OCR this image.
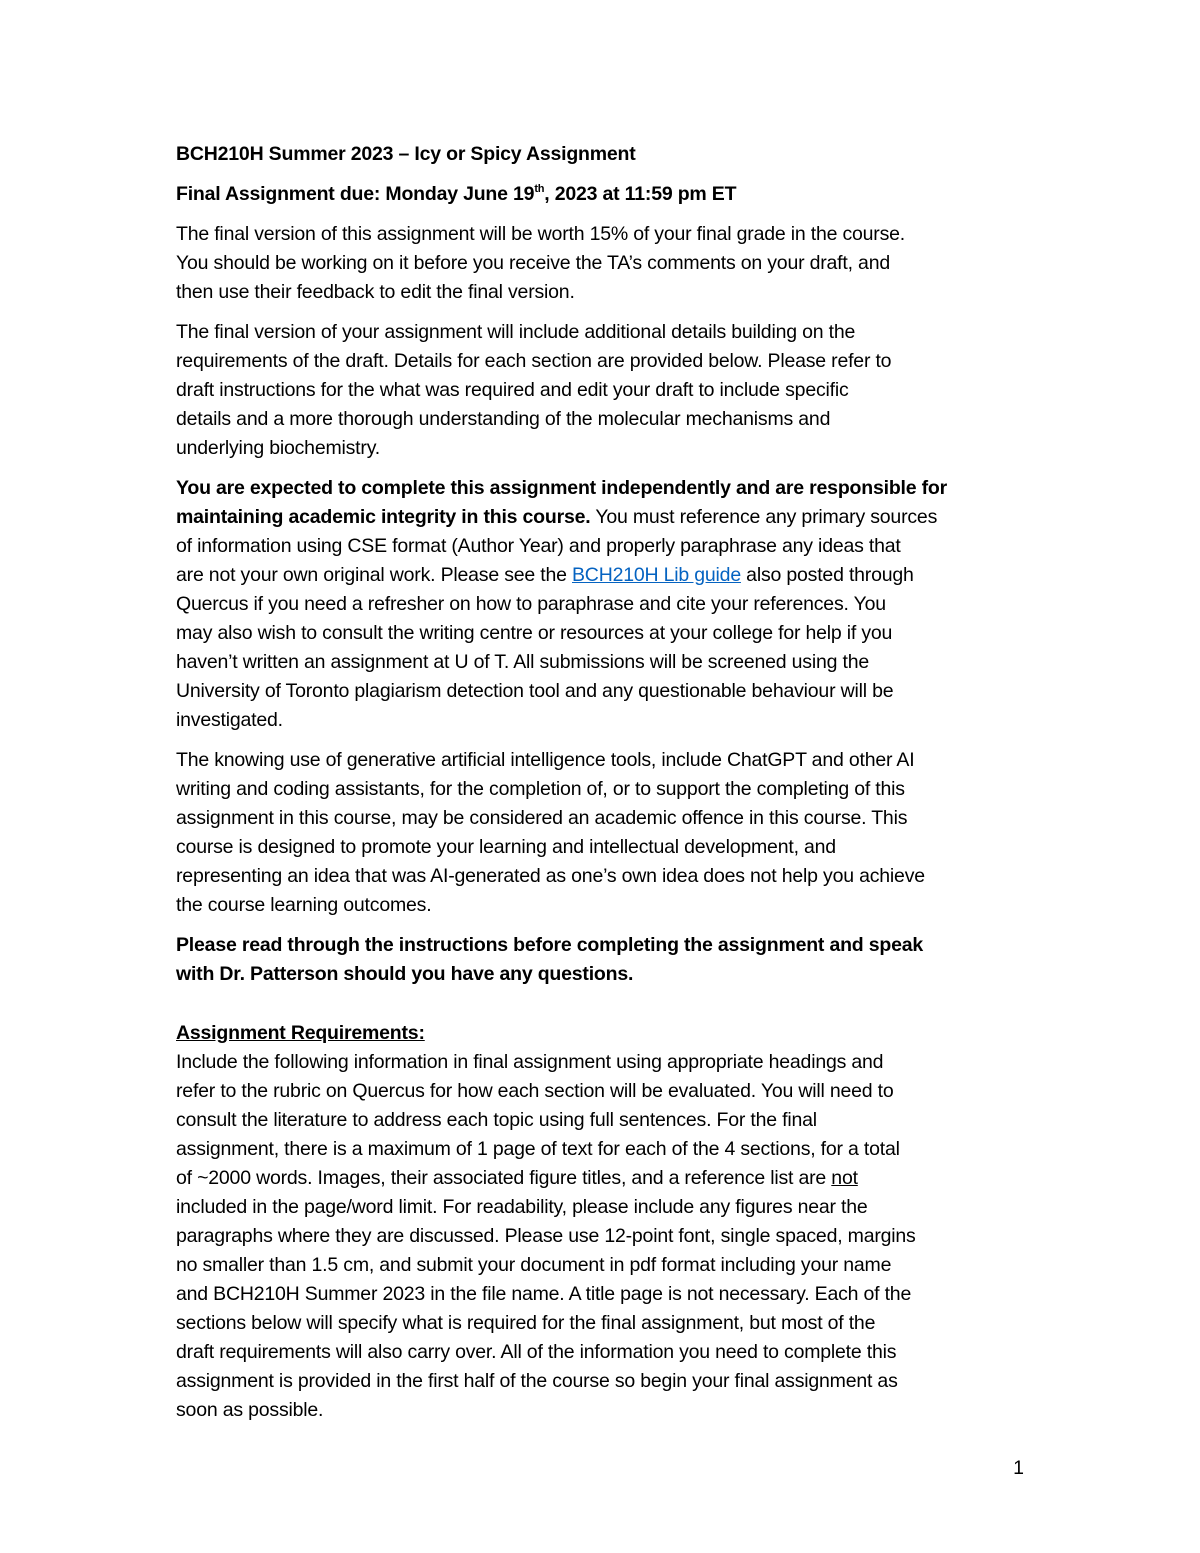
BCH210H Summer 2023 – Icy or Spicy Assignment
Final Assignment due: Monday June 19th, 2023 at 11:59 pm ET
The final version of this assignment will be worth 15% of your final grade in the course.
You should be working on it before you receive the TA’s comments on your draft, and
then use their feedback to edit the final version.
The final version of your assignment will include additional details building on the
requirements of the draft. Details for each section are provided below. Please refer to
draft instructions for the what was required and edit your draft to include specific
details and a more thorough understanding of the molecular mechanisms and
underlying biochemistry.
You are expected to complete this assignment independently and are responsible for
maintaining academic integrity in this course. You must reference any primary sources
of information using CSE format (Author Year) and properly paraphrase any ideas that
are not your own original work. Please see the BCH210H Lib guide also posted through
Quercus if you need a refresher on how to paraphrase and cite your references. You
may also wish to consult the writing centre or resources at your college for help if you
haven’t written an assignment at U of T. All submissions will be screened using the
University of Toronto plagiarism detection tool and any questionable behaviour will be
investigated.
The knowing use of generative artificial intelligence tools, include ChatGPT and other AI
writing and coding assistants, for the completion of, or to support the completing of this
assignment in this course, may be considered an academic offence in this course. This
course is designed to promote your learning and intellectual development, and
representing an idea that was AI-generated as one’s own idea does not help you achieve
the course learning outcomes.
Please read through the instructions before completing the assignment and speak
with Dr. Patterson should you have any questions.
Assignment Requirements:
Include the following information in final assignment using appropriate headings and
refer to the rubric on Quercus for how each section will be evaluated. You will need to
consult the literature to address each topic using full sentences. For the final
assignment, there is a maximum of 1 page of text for each of the 4 sections, for a total
of ~2000 words. Images, their associated figure titles, and a reference list are not
included in the page/word limit. For readability, please include any figures near the
paragraphs where they are discussed. Please use 12-point font, single spaced, margins
no smaller than 1.5 cm, and submit your document in pdf format including your name
and BCH210H Summer 2023 in the file name. A title page is not necessary. Each of the
sections below will specify what is required for the final assignment, but most of the
draft requirements will also carry over. All of the information you need to complete this
assignment is provided in the first half of the course so begin your final assignment as
soon as possible.
1
